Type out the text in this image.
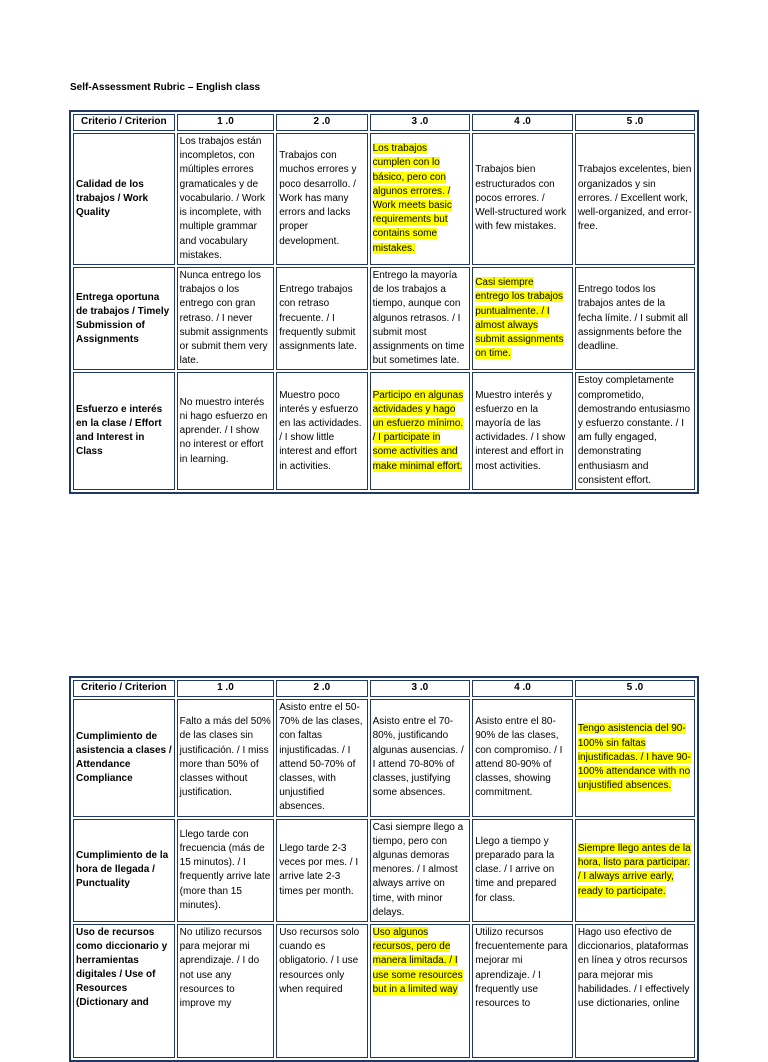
Self-Assessment Rubric – English class
Criterio / Criterion	1 .0	2 .0	3 .0	4 .0	5 .0
Calidad de los trabajos / Work Quality	Los trabajos están incompletos, con múltiples errores gramaticales y de vocabulario. / Work is incomplete, with multiple grammar and vocabulary mistakes.	Trabajos con muchos errores y poco desarrollo. / Work has many errors and lacks proper development.	Los trabajos cumplen con lo básico, pero con algunos errores. / Work meets basic requirements but contains some mistakes.	Trabajos bien estructurados con pocos errores. / Well-structured work with few mistakes.	Trabajos excelentes, bien organizados y sin errores. / Excellent work, well-organized, and error-free.
Entrega oportuna de trabajos / Timely Submission of Assignments	Nunca entrego los trabajos o los entrego con gran retraso. / I never submit assignments or submit them very late.	Entrego trabajos con retraso frecuente. / I frequently submit assignments late.	Entrego la mayoría de los trabajos a tiempo, aunque con algunos retrasos. / I submit most assignments on time but sometimes late.	Casi siempre entrego los trabajos puntualmente. / I almost always submit assignments on time.	Entrego todos los trabajos antes de la fecha límite. / I submit all assignments before the deadline.
Esfuerzo e interés en la clase / Effort and Interest in Class	No muestro interés ni hago esfuerzo en aprender. / I show no interest or effort in learning.	Muestro poco interés y esfuerzo en las actividades. / I show little interest and effort in activities.	Participo en algunas actividades y hago un esfuerzo mínimo. / I participate in some activities and make minimal effort.	Muestro interés y esfuerzo en la mayoría de las actividades. / I show interest and effort in most activities.	Estoy completamente comprometido, demostrando entusiasmo y esfuerzo constante. / I am fully engaged, demonstrating enthusiasm and consistent effort.
Criterio / Criterion	1 .0	2 .0	3 .0	4 .0	5 .0
Cumplimiento de asistencia a clases / Attendance Compliance	Falto a más del 50% de las clases sin justificación. / I miss more than 50% of classes without justification.	Asisto entre el 50-70% de las clases, con faltas injustificadas. / I attend 50-70% of classes, with unjustified absences.	Asisto entre el 70-80%, justificando algunas ausencias. / I attend 70-80% of classes, justifying some absences.	Asisto entre el 80-90% de las clases, con compromiso. / I attend 80-90% of classes, showing commitment.	Tengo asistencia del 90-100% sin faltas injustificadas. / I have 90-100% attendance with no unjustified absences.
Cumplimiento de la hora de llegada / Punctuality	Llego tarde con frecuencia (más de 15 minutos). / I frequently arrive late (more than 15 minutes).	Llego tarde 2-3 veces por mes. / I arrive late 2-3 times per month.	Casi siempre llego a tiempo, pero con algunas demoras menores. / I almost always arrive on time, with minor delays.	Llego a tiempo y preparado para la clase. / I arrive on time and prepared for class.	Siempre llego antes de la hora, listo para participar. / I always arrive early, ready to participate.
Uso de recursos como diccionario y herramientas digitales / Use of Resources (Dictionary and	No utilizo recursos para mejorar mi aprendizaje. / I do not use any resources to improve my	Uso recursos solo cuando es obligatorio. / I use resources only when required	Uso algunos recursos, pero de manera limitada. / I use some resources but in a limited way	Utilizo recursos frecuentemente para mejorar mi aprendizaje. / I frequently use resources to	Hago uso efectivo de diccionarios, plataformas en línea y otros recursos para mejorar mis habilidades. / I effectively use dictionaries, online
